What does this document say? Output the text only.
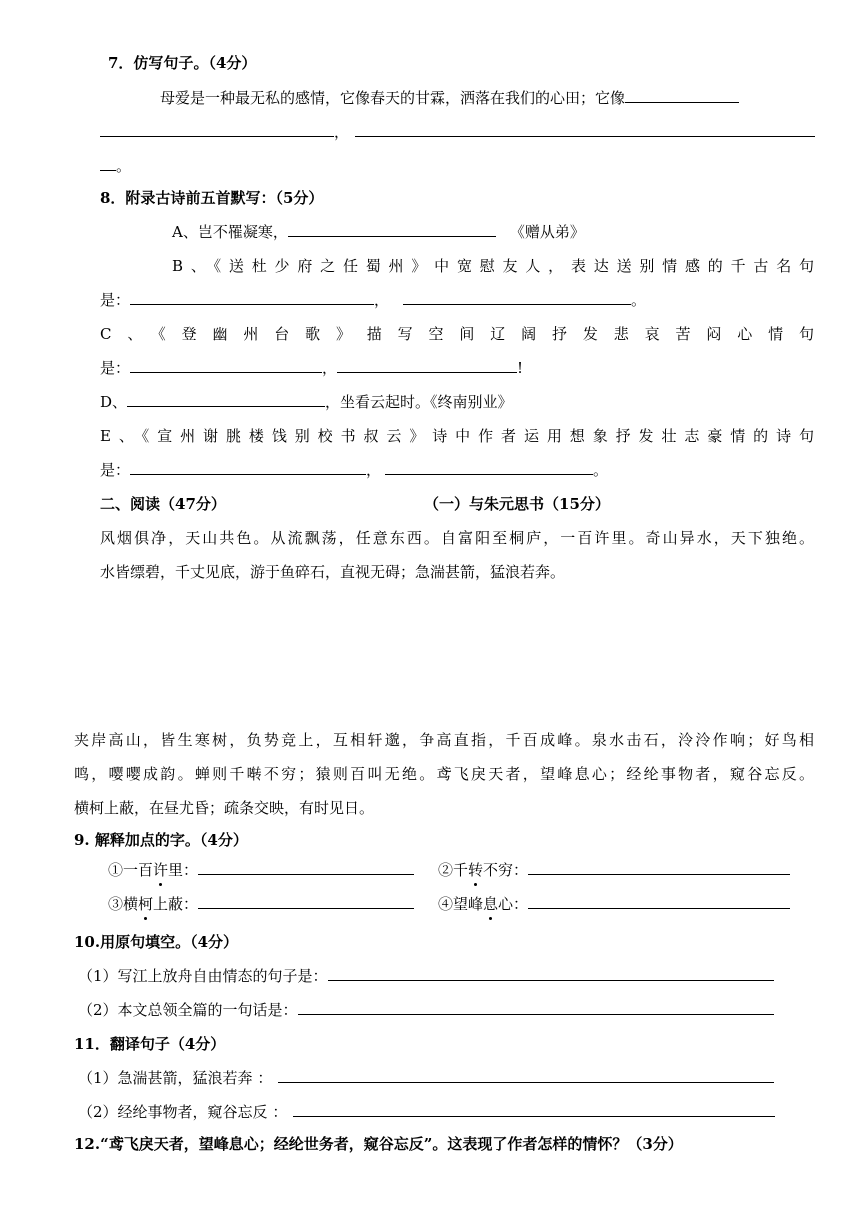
7．仿写句子。（4分）
母爱是一种最无私的感情，它像春天的甘霖，洒落在我们的心田；它像
，
。
8．附录古诗前五首默写：（5分）
A、岂不罹凝寒，	《赠从弟》
B、《送杜少府之任蜀州》中宽慰友人，表达送别情感的千古名句
是：	，	。
C、《登幽州台歌》描写空间辽阔抒发悲哀苦闷心情句
是：	，	!
D、	，坐看云起时。《终南别业》
E、《宣州谢朓楼饯别校书叔云》诗中作者运用想象抒发壮志豪情的诗句
是：	，	。
二、阅读（47分）	（一）与朱元思书（15分）
风烟俱净，天山共色。从流飘荡，任意东西。自富阳至桐庐，一百许里。奇山异水，天下独绝。
水皆缥碧，千丈见底，游于鱼碎石，直视无碍；急湍甚箭，猛浪若奔。
夹岸高山，皆生寒树，负势竞上，互相轩邈，争高直指，千百成峰。泉水击石，泠泠作响；好鸟相
鸣，嘤嘤成韵。蝉则千啭不穷；猿则百叫无绝。鸢飞戾天者，望峰息心；经纶事物者，窥谷忘反。
横柯上蔽，在昼尤昏；疏条交映，有时见日。
9. 解释加点的字。（4分）
①一百许里：	②千转不穷：
③横柯上蔽：	④望峰息心：
10.用原句填空。（4分）
（1）写江上放舟自由情态的句子是：
（2）本文总领全篇的一句话是：
11．翻译句子（4分）
（1）急湍甚箭，猛浪若奔 ：
（2）经纶事物者，窥谷忘反 ：
12.“鸢飞戾天者，望峰息心；经纶世务者，窥谷忘反”。这表现了作者怎样的情怀？（3分）
